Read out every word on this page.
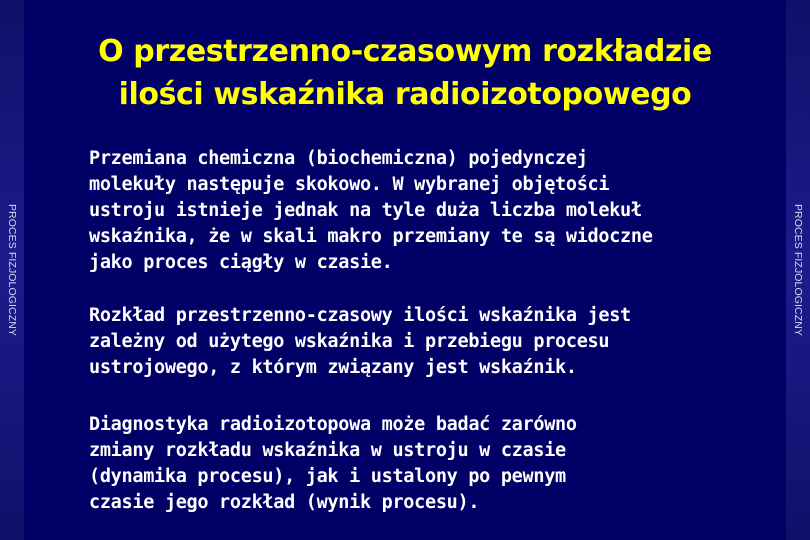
PROCES FIZJOLOGICZNY	PROCES FIZJOLOGICZNY
O przestrzenno-czasowym rozkładzie
ilości wskaźnika radioizotopowego
Przemiana chemiczna (biochemiczna) pojedynczej
molekuły następuje skokowo. W wybranej objętości
ustroju istnieje jednak na tyle duża liczba molekuł
wskaźnika, że w skali makro przemiany te są widoczne
jako proces ciągły w czasie.
Rozkład przestrzenno-czasowy ilości wskaźnika jest
zależny od użytego wskaźnika i przebiegu procesu
ustrojowego, z którym związany jest wskaźnik.
Diagnostyka radioizotopowa może badać zarówno
zmiany rozkładu wskaźnika w ustroju w czasie
(dynamika procesu), jak i ustalony po pewnym
czasie jego rozkład (wynik procesu).
